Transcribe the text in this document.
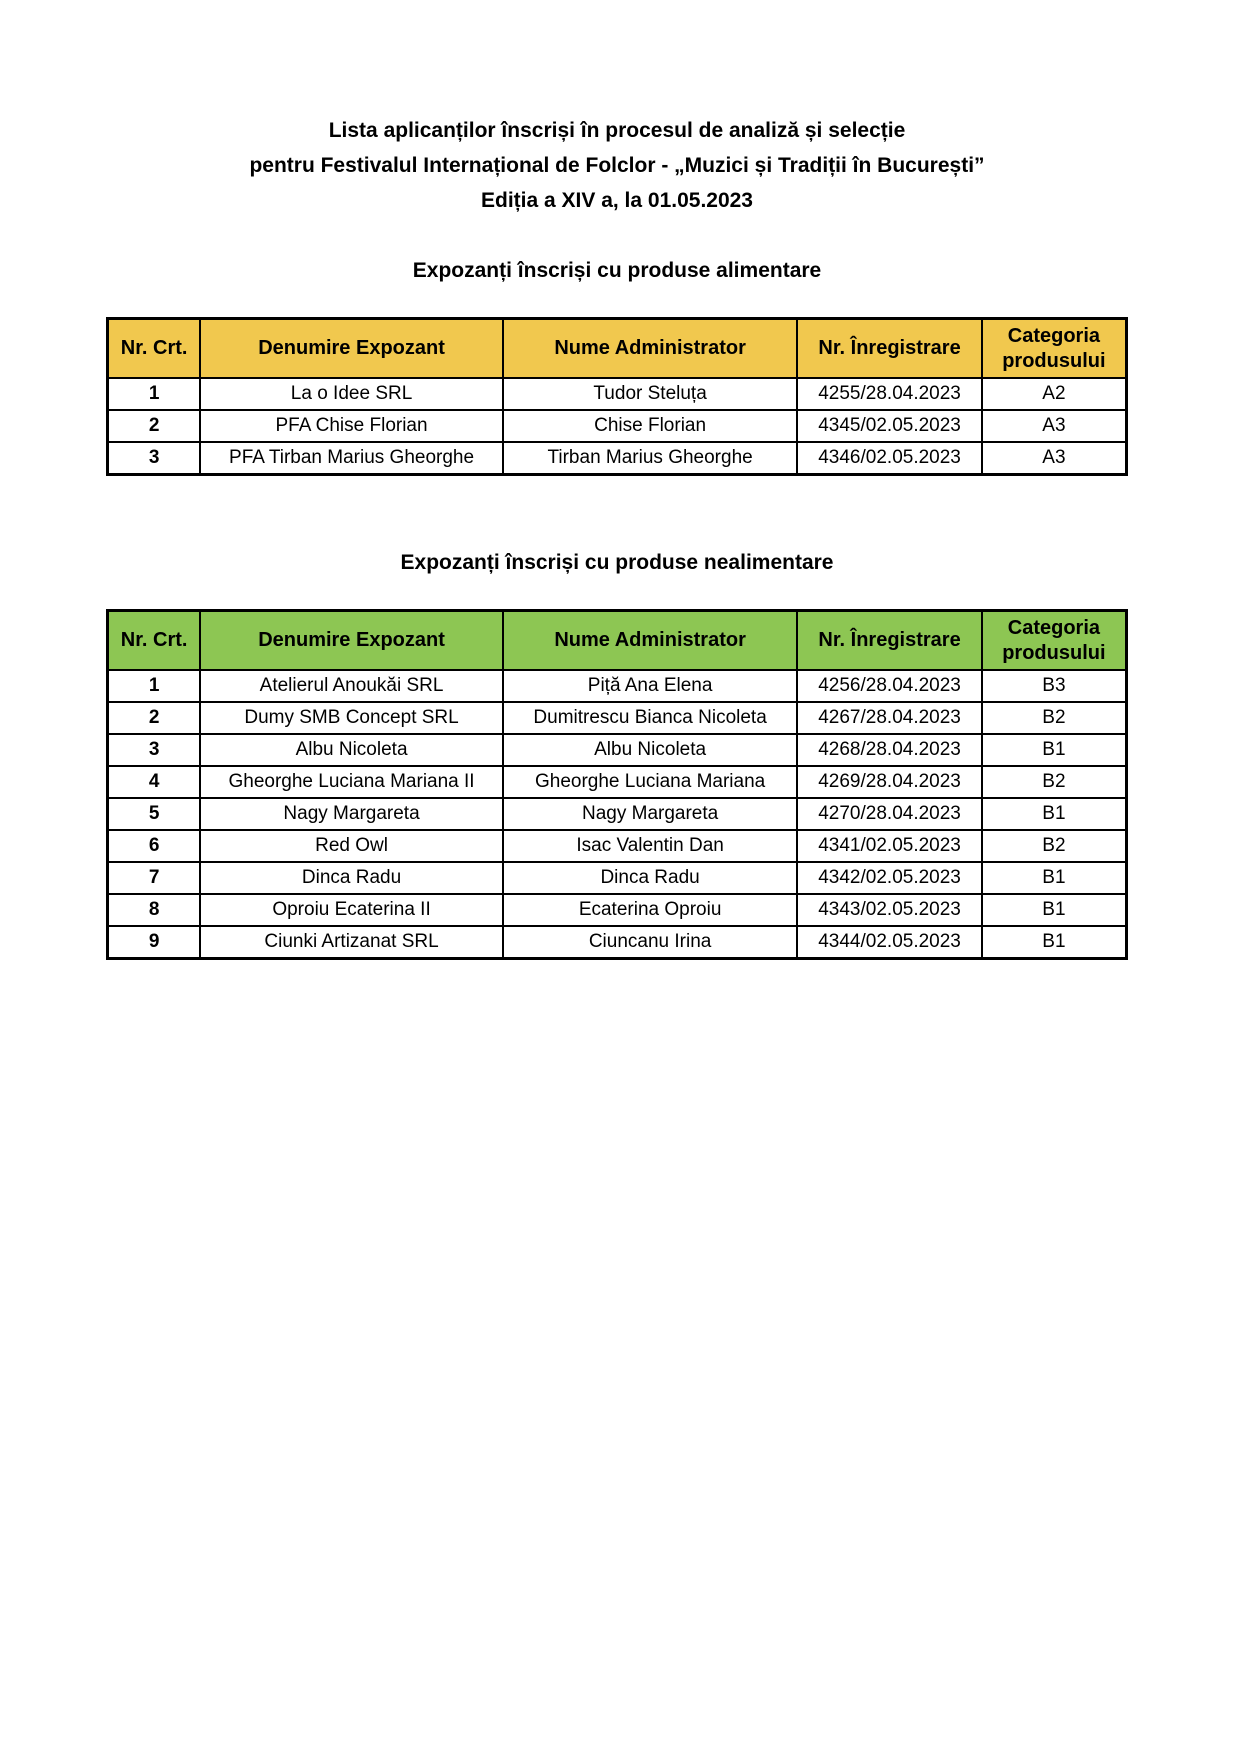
Lista aplicanților înscriși în procesul de analiză și selecție
pentru Festivalul Internațional de Folclor - „Muzici și Tradiții în București”
Ediția a XIV a, la 01.05.2023
Expozanți înscriși cu produse alimentare
Nr. Crt.	Denumire Expozant	Nume Administrator	Nr. Înregistrare	Categoria produsului
1	La o Idee SRL	Tudor Steluța	4255/28.04.2023	A2
2	PFA Chise Florian	Chise Florian	4345/02.05.2023	A3
3	PFA Tirban Marius Gheorghe	Tirban Marius Gheorghe	4346/02.05.2023	A3
Expozanți înscriși cu produse nealimentare
Nr. Crt.	Denumire Expozant	Nume Administrator	Nr. Înregistrare	Categoria produsului
1	Atelierul Anoukăi SRL	Piță Ana Elena	4256/28.04.2023	B3
2	Dumy SMB Concept SRL	Dumitrescu Bianca Nicoleta	4267/28.04.2023	B2
3	Albu Nicoleta	Albu Nicoleta	4268/28.04.2023	B1
4	Gheorghe Luciana Mariana II	Gheorghe Luciana Mariana	4269/28.04.2023	B2
5	Nagy Margareta	Nagy Margareta	4270/28.04.2023	B1
6	Red Owl	Isac Valentin Dan	4341/02.05.2023	B2
7	Dinca Radu	Dinca Radu	4342/02.05.2023	B1
8	Oproiu Ecaterina II	Ecaterina Oproiu	4343/02.05.2023	B1
9	Ciunki Artizanat SRL	Ciuncanu Irina	4344/02.05.2023	B1
